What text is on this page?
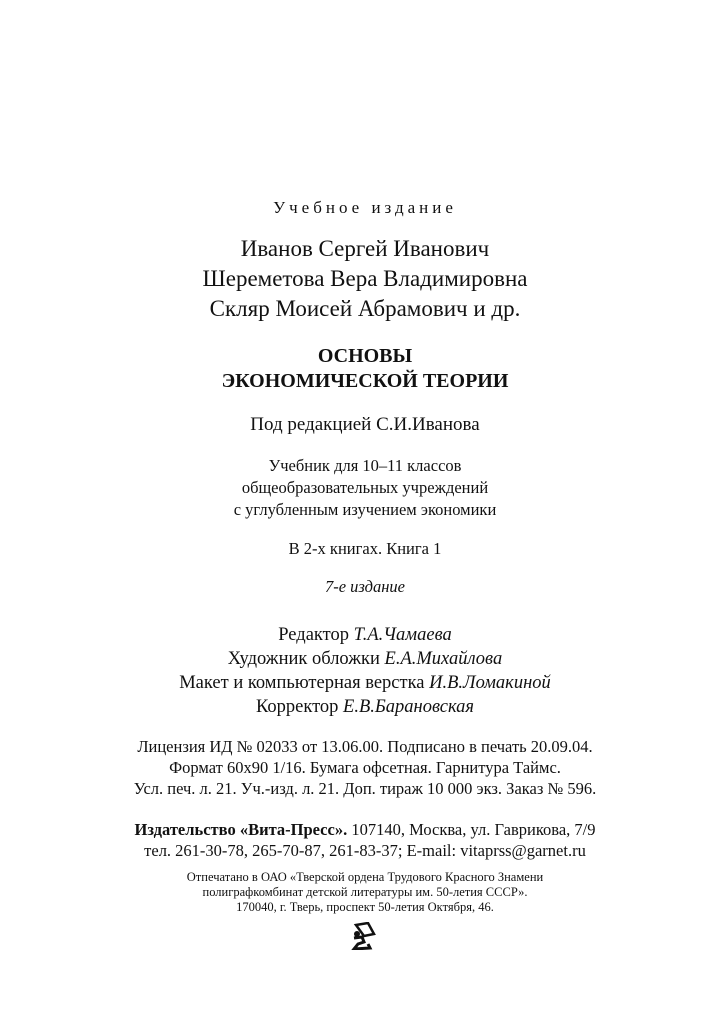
Учебное издание
Иванов Сергей Иванович
Шереметова Вера Владимировна
Скляр Моисей Абрамович и др.
ОСНОВЫ
ЭКОНОМИЧЕСКОЙ ТЕОРИИ
Под редакцией С.И.Иванова
Учебник для 10–11 классов
общеобразовательных учреждений
с углубленным изучением экономики
В 2-х книгах. Книга 1
7-е издание
Редактор Т.А.Чамаева
Художник обложки Е.А.Михайлова
Макет и компьютерная верстка И.В.Ломакиной
Корректор Е.В.Барановская
Лицензия ИД № 02033 от 13.06.00. Подписано в печать 20.09.04.
Формат 60x90 1/16. Бумага офсетная. Гарнитура Таймс.
Усл. печ. л. 21. Уч.-изд. л. 21. Доп. тираж 10 000 экз. Заказ № 596.
Издательство «Вита-Пресс». 107140, Москва, ул. Гаврикова, 7/9
тел. 261-30-78, 265-70-87, 261-83-37; E-mail: vitaprss@garnet.ru
Отпечатано в ОАО «Тверской ордена Трудового Красного Знамени
полиграфкомбинат детской литературы им. 50-летия СССР».
170040, г. Тверь, проспект 50-летия Октября, 46.
